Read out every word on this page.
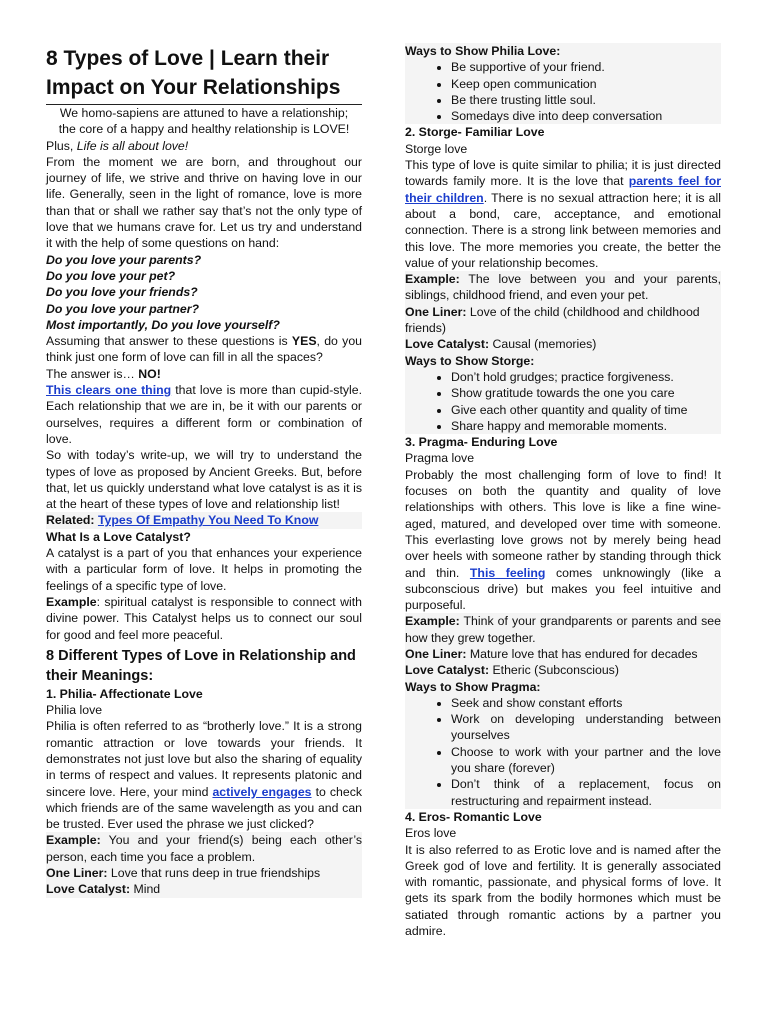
8 Types of Love | Learn their Impact on Your Relationships

We homo-sapiens are attuned to have a relationship;

the core of a happy and healthy relationship is LOVE!

Plus, Life is all about love!

From the moment we are born, and throughout our journey of life, we strive and thrive on having love in our life. Generally, seen in the light of romance, love is more than that or shall we rather say that’s not the only type of love that we humans crave for. Let us try and understand it with the help of some questions on hand:

Do you love your parents?

Do you love your pet?

Do you love your friends?

Do you love your partner?

Most importantly, Do you love yourself?

Assuming that answer to these questions is YES, do you think just one form of love can fill in all the spaces?

The answer is… NO!

This clears one thing that love is more than cupid-style. Each relationship that we are in, be it with our parents or ourselves, requires a different form or combination of love.

So with today’s write-up, we will try to understand the types of love as proposed by Ancient Greeks. But, before that, let us quickly understand what love catalyst is as it is at the heart of these types of love and relationship list!

Related: Types Of Empathy You Need To Know

What Is a Love Catalyst?

A catalyst is a part of you that enhances your experience with a particular form of love. It helps in promoting the feelings of a specific type of love.

Example: spiritual catalyst is responsible to connect with divine power. This Catalyst helps us to connect our soul for good and feel more peaceful.

8 Different Types of Love in Relationship and their Meanings:

1. Philia- Affectionate Love

Philia love

Philia is often referred to as “brotherly love.” It is a strong romantic attraction or love towards your friends. It demonstrates not just love but also the sharing of equality in terms of respect and values. It represents platonic and sincere love. Here, your mind actively engages to check which friends are of the same wavelength as you and can be trusted. Ever used the phrase we just clicked?

Example: You and your friend(s) being each other’s person, each time you face a problem.

One Liner: Love that runs deep in true friendships

Love Catalyst: Mind

Ways to Show Philia Love:

• Be supportive of your friend.
• Keep open communication
• Be there trusting little soul.
• Somedays dive into deep conversation

2. Storge- Familiar Love

Storge love

This type of love is quite similar to philia; it is just directed towards family more. It is the love that parents feel for their children. There is no sexual attraction here; it is all about a bond, care, acceptance, and emotional connection. There is a strong link between memories and this love. The more memories you create, the better the value of your relationship becomes.

Example: The love between you and your parents, siblings, childhood friend, and even your pet.

One Liner: Love of the child (childhood and childhood friends)

Love Catalyst: Causal (memories)

Ways to Show Storge:

• Don’t hold grudges; practice forgiveness.
• Show gratitude towards the one you care
• Give each other quantity and quality of time
• Share happy and memorable moments.

3. Pragma- Enduring Love

Pragma love

Probably the most challenging form of love to find! It focuses on both the quantity and quality of love relationships with others. This love is like a fine wine-aged, matured, and developed over time with someone. This everlasting love grows not by merely being head over heels with someone rather by standing through thick and thin. This feeling comes unknowingly (like a subconscious drive) but makes you feel intuitive and purposeful.

Example: Think of your grandparents or parents and see how they grew together.

One Liner: Mature love that has endured for decades

Love Catalyst: Etheric (Subconscious)

Ways to Show Pragma:

• Seek and show constant efforts
• Work on developing understanding between yourselves
• Choose to work with your partner and the love you share (forever)
• Don’t think of a replacement, focus on restructuring and repairment instead.

4. Eros- Romantic Love

Eros love

It is also referred to as Erotic love and is named after the Greek god of love and fertility. It is generally associated with romantic, passionate, and physical forms of love. It gets its spark from the bodily hormones which must be satiated through romantic actions by a partner you admire.
